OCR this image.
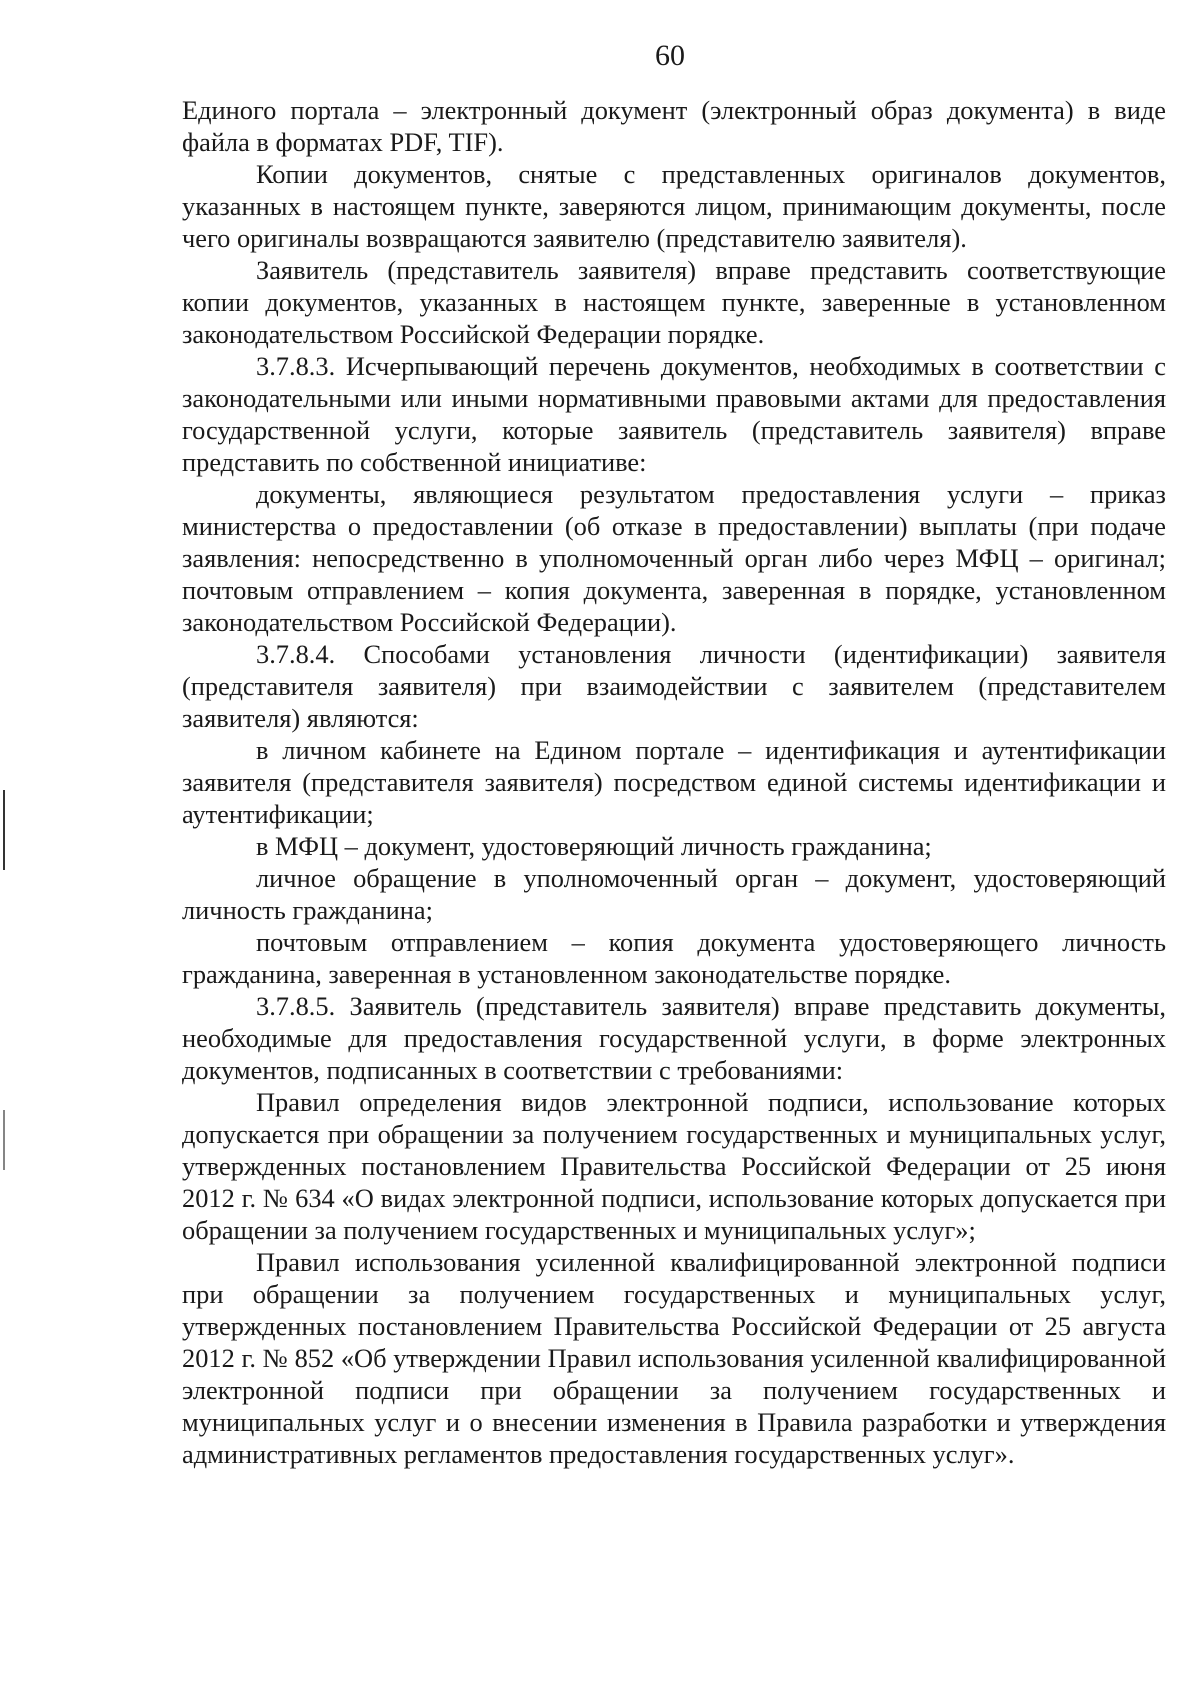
60

Единого портала – электронный документ (электронный образ документа) в виде файла в форматах PDF, TIF).

Копии документов, снятые с представленных оригиналов документов, указанных в настоящем пункте, заверяются лицом, принимающим документы, после чего оригиналы возвращаются заявителю (представителю заявителя).

Заявитель (представитель заявителя) вправе представить соответствующие копии документов, указанных в настоящем пункте, заверенные в установленном законодательством Российской Федерации порядке.

3.7.8.3. Исчерпывающий перечень документов, необходимых в соответствии с законодательными или иными нормативными правовыми актами для предоставления государственной услуги, которые заявитель (представитель заявителя) вправе представить по собственной инициативе:

документы, являющиеся результатом предоставления услуги – приказ министерства о предоставлении (об отказе в предоставлении) выплаты (при подаче заявления: непосредственно в уполномоченный орган либо через МФЦ – оригинал; почтовым отправлением – копия документа, заверенная в порядке, установленном законодательством Российской Федерации).

3.7.8.4. Способами установления личности (идентификации) заявителя (представителя заявителя) при взаимодействии с заявителем (представителем заявителя) являются:

в личном кабинете на Едином портале – идентификация и аутентификации заявителя (представителя заявителя) посредством единой системы идентификации и аутентификации;

в МФЦ – документ, удостоверяющий личность гражданина;

личное обращение в уполномоченный орган – документ, удостоверяющий личность гражданина;

почтовым отправлением – копия документа удостоверяющего личность гражданина, заверенная в установленном законодательстве порядке.

3.7.8.5. Заявитель (представитель заявителя) вправе представить документы, необходимые для предоставления государственной услуги, в форме электронных документов, подписанных в соответствии с требованиями:

Правил определения видов электронной подписи, использование которых допускается при обращении за получением государственных и муниципальных услуг, утвержденных постановлением Правительства Российской Федерации от 25 июня 2012 г. № 634 «О видах электронной подписи, использование которых допускается при обращении за получением государственных и муниципальных услуг»;

Правил использования усиленной квалифицированной электронной подписи при обращении за получением государственных и муниципальных услуг, утвержденных постановлением Правительства Российской Федерации от 25 августа 2012 г. № 852 «Об утверждении Правил использования усиленной квалифицированной электронной подписи при обращении за получением государственных и муниципальных услуг и о внесении изменения в Правила разработки и утверждения административных регламентов предоставления государственных услуг».
